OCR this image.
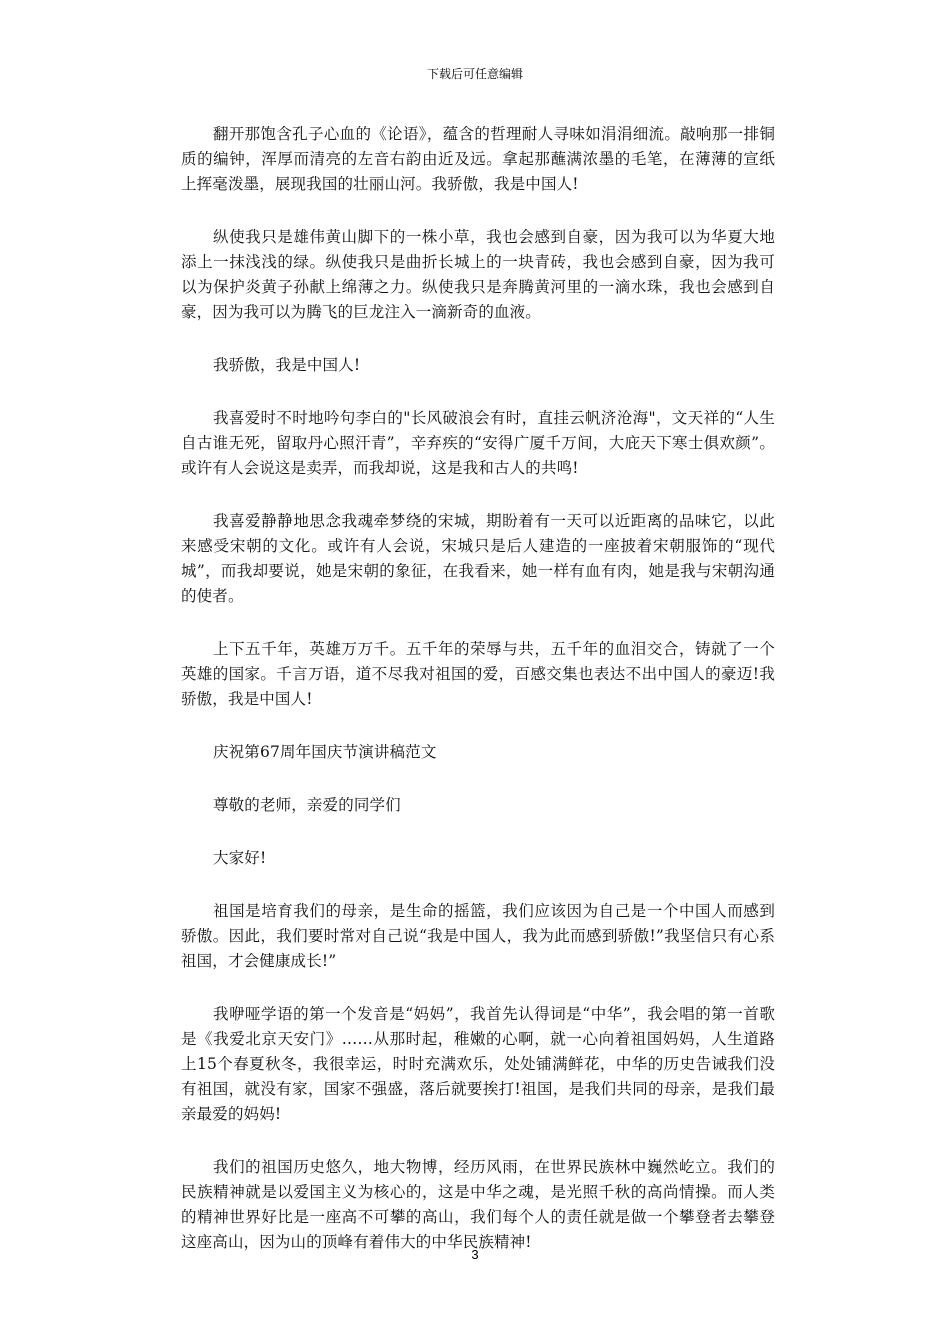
下载后可任意编辑

翻开那饱含孔子心血的《论语》，蕴含的哲理耐人寻味如涓涓细流。敲响那一排铜质的编钟，浑厚而清亮的左音右韵由近及远。拿起那蘸满浓墨的毛笔，在薄薄的宣纸上挥毫泼墨，展现我国的壮丽山河。我骄傲，我是中国人!

纵使我只是雄伟黄山脚下的一株小草，我也会感到自豪，因为我可以为华夏大地添上一抹浅浅的绿。纵使我只是曲折长城上的一块青砖，我也会感到自豪，因为我可以为保护炎黄子孙献上绵薄之力。纵使我只是奔腾黄河里的一滴水珠，我也会感到自豪，因为我可以为腾飞的巨龙注入一滴新奇的血液。

我骄傲，我是中国人!

我喜爱时不时地吟句李白的"长风破浪会有时，直挂云帆济沧海"，文天祥的“人生自古谁无死，留取丹心照汗青”，辛弃疾的“安得广厦千万间，大庇天下寒士俱欢颜”。或许有人会说这是卖弄，而我却说，这是我和古人的共鸣!

我喜爱静静地思念我魂牵梦绕的宋城，期盼着有一天可以近距离的品味它，以此来感受宋朝的文化。或许有人会说，宋城只是后人建造的一座披着宋朝服饰的“现代城”，而我却要说，她是宋朝的象征，在我看来，她一样有血有肉，她是我与宋朝沟通的使者。

上下五千年，英雄万万千。五千年的荣辱与共，五千年的血泪交合，铸就了一个英雄的国家。千言万语，道不尽我对祖国的爱，百感交集也表达不出中国人的豪迈!我骄傲，我是中国人!

庆祝第67周年国庆节演讲稿范文

尊敬的老师，亲爱的同学们

大家好!

祖国是培育我们的母亲，是生命的摇篮，我们应该因为自己是一个中国人而感到骄傲。因此，我们要时常对自己说“我是中国人，我为此而感到骄傲!”我坚信只有心系祖国，才会健康成长!”

我咿哑学语的第一个发音是“妈妈”，我首先认得词是“中华”，我会唱的第一首歌是《我爱北京天安门》……从那时起，稚嫩的心啊，就一心向着祖国妈妈，人生道路上15个春夏秋冬，我很幸运，时时充满欢乐，处处铺满鲜花，中华的历史告诫我们没有祖国，就没有家，国家不强盛，落后就要挨打!祖国，是我们共同的母亲，是我们最亲最爱的妈妈!

我们的祖国历史悠久，地大物博，经历风雨，在世界民族林中巍然屹立。我们的民族精神就是以爱国主义为核心的，这是中华之魂，是光照千秋的高尚情操。而人类的精神世界好比是一座高不可攀的高山，我们每个人的责任就是做一个攀登者去攀登这座高山，因为山的顶峰有着伟大的中华民族精神!

3
